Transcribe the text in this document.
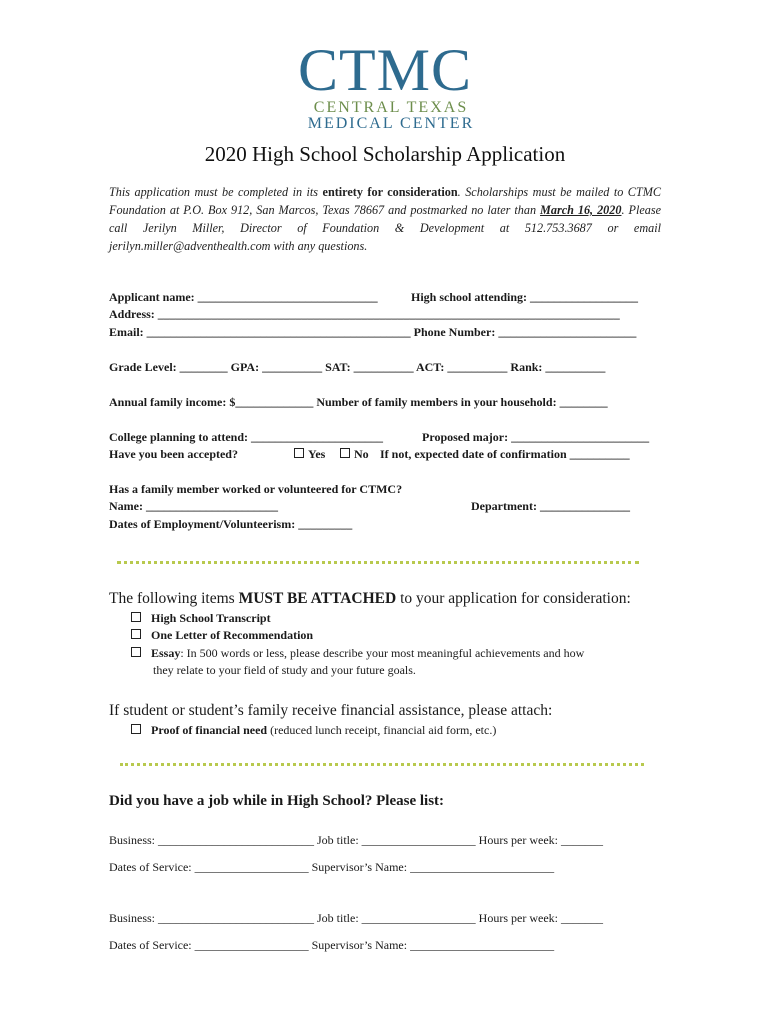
CTMC
CENTRAL TEXAS
MEDICAL CENTER
2020 High School Scholarship Application
This application must be completed in its entirety for consideration. Scholarships must be mailed to CTMC Foundation at P.O. Box 912, San Marcos, Texas 78667 and postmarked no later than March 16, 2020. Please call Jerilyn Miller, Director of Foundation & Development at 512.753.3687 or email jerilyn.miller@adventhealth.com with any questions.
Applicant name: ______________________________	High school attending: __________________
Address: _____________________________________________________________________________
Email: ____________________________________________ Phone Number: _______________________
Grade Level: ________ GPA: __________ SAT: __________ ACT: __________ Rank: __________
Annual family income: $_____________ Number of family members in your household: ________
College planning to attend: ______________________	Proposed major: _______________________
Have you been accepted?	Yes	No If not, expected date of confirmation __________
Has a family member worked or volunteered for CTMC?
Name: ______________________	Department: _______________
Dates of Employment/Volunteerism: _________
The following items MUST BE ATTACHED to your application for consideration:
High School Transcript
One Letter of Recommendation
Essay: In 500 words or less, please describe your most meaningful achievements and how
they relate to your field of study and your future goals.
If student or student’s family receive financial assistance, please attach:
Proof of financial need (reduced lunch receipt, financial aid form, etc.)
Did you have a job while in High School? Please list:
Business: __________________________ Job title: ___________________ Hours per week: _______
Dates of Service: ___________________ Supervisor’s Name: ________________________
Business: __________________________ Job title: ___________________ Hours per week: _______
Dates of Service: ___________________ Supervisor’s Name: ________________________
